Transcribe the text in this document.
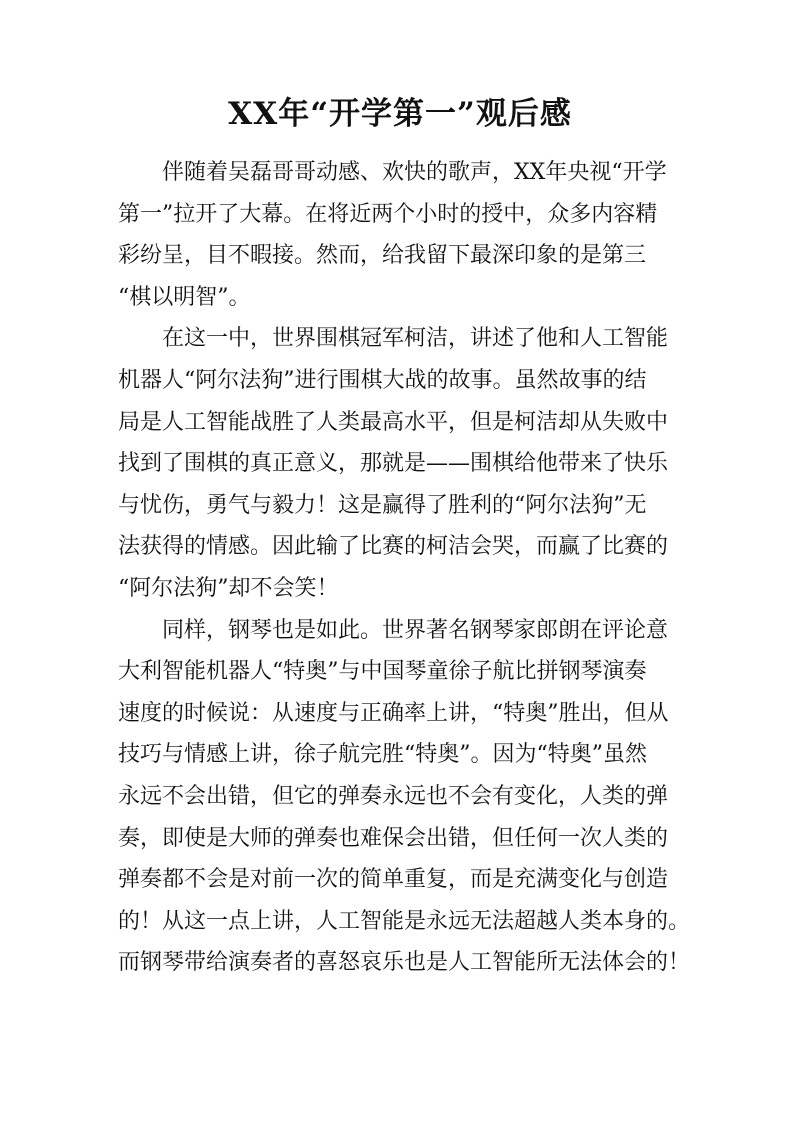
XX年“开学第一”观后感

伴随着吴磊哥哥动感、欢快的歌声，XX年央视“开学
第一”拉开了大幕。在将近两个小时的授中，众多内容精
彩纷呈，目不暇接。然而，给我留下最深印象的是第三
“棋以明智”。

在这一中，世界围棋冠军柯洁，讲述了他和人工智能
机器人“阿尔法狗”进行围棋大战的故事。虽然故事的结
局是人工智能战胜了人类最高水平，但是柯洁却从失败中
找到了围棋的真正意义，那就是——围棋给他带来了快乐
与忧伤，勇气与毅力！这是赢得了胜利的“阿尔法狗”无
法获得的情感。因此输了比赛的柯洁会哭，而赢了比赛的
“阿尔法狗”却不会笑！

同样，钢琴也是如此。世界著名钢琴家郎朗在评论意
大利智能机器人“特奥”与中国琴童徐子航比拼钢琴演奏
速度的时候说：从速度与正确率上讲，“特奥”胜出，但从
技巧与情感上讲，徐子航完胜“特奥”。因为“特奥”虽然
永远不会出错，但它的弹奏永远也不会有变化，人类的弹
奏，即使是大师的弹奏也难保会出错，但任何一次人类的
弹奏都不会是对前一次的简单重复，而是充满变化与创造
的！从这一点上讲，人工智能是永远无法超越人类本身的。
而钢琴带给演奏者的喜怒哀乐也是人工智能所无法体会的！
